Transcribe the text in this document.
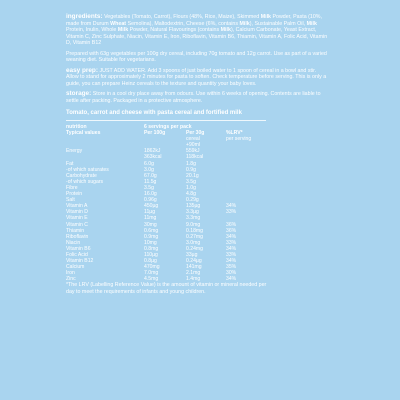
ingredients: Vegetables (Tomato, Carrot), Flours (48%, Rice, Maize), Skimmed Milk Powder, Pasta (10%, made from Durum Wheat Semolina), Maltodextrin, Cheese (6%, contains Milk), Sustainable Palm Oil, Milk Protein, Inulin, Whole Milk Powder, Natural Flavourings (contains Milk), Calcium Carbonate, Yeast Extract, Vitamin C, Zinc Sulphate, Niacin, Vitamin E, Iron, Riboflavin, Vitamin B6, Thiamin, Vitamin A, Folic Acid, Vitamin D, Vitamin B12

Prepared with 63g vegetables per 100g dry cereal, including 70g tomato and 12g carrot. Use as part of a varied weaning diet. Suitable for vegetarians.

easy prep: JUST ADD WATER. Add 3 spoons of just boiled water to 1 spoon of cereal in a bowl and stir. Allow to stand for approximately 2 minutes for pasta to soften. Check temperature before serving. This is only a guide, you can prepare Heinz cereals to the texture and quantity your baby loves.

storage: Store in a cool dry place away from odours. Use within 6 weeks of opening. Contents are liable to settle after packing. Packaged in a protective atmosphere.

Tomato, carrot and cheese with pasta cereal and fortified milk
nutrition	6 servings per pack		
Typical values	Per 100g	Per 30g	%LRV*
		cereal
+90ml	per serving
Energy	1862kJ	559kJ	
	363kcal	118kcal	
Fat	6.0g	1.8g	
-of which saturates	3.0g	0.9g	
Carbohydrate	67.0g	20.1g	
-of which sugars	11.5g	3.5g	
Fibre	3.5g	1.0g	
Protein	16.0g	4.8g	
Salt	0.96g	0.29g	
Vitamin A	450µg	135µg	34%
Vitamin D	11µg	3.3µg	33%
Vitamin E	11mg	3.3mg	
Vitamin C	30mg	9.0mg	36%
Thiamin	0.6mg	0.18mg	36%
Riboflavin	0.9mg	0.27mg	34%
Niacin	10mg	3.0mg	33%
Vitamin B6	0.8mg	0.24mg	34%
Folic Acid	110µg	33µg	33%
Vitamin B12	0.8µg	0.24µg	34%
Calcium	470mg	141mg	35%
Iron	7.0mg	2.1mg	30%
Zinc	4.5mg	1.4mg	34%

*The LRV (Labelling Reference Value) is the amount of vitamin or mineral needed per day to meet the requirements of infants and young children.
